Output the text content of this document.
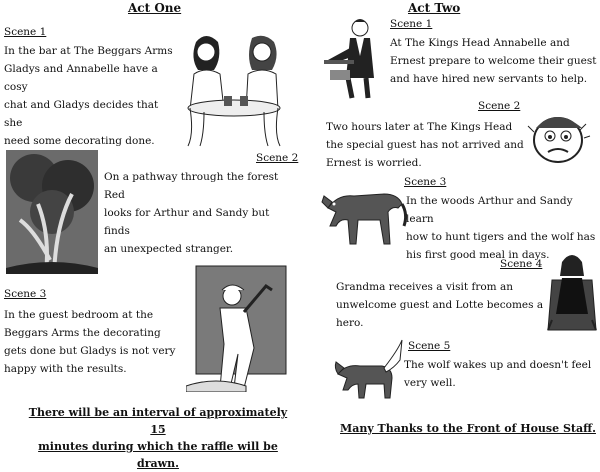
Act One
Scene 1
In the bar at The Beggars Arms
Gladys and Annabelle have a cosy
chat and Gladys decides that she
need some decorating done.
Scene 2
On a pathway through the forest Red
looks for Arthur and Sandy but finds
an unexpected stranger.
Scene 3
In the guest bedroom at the
Beggars Arms the decorating
gets done but Gladys is not very
happy with the results.
There will be an interval of approximately 15
minutes during which the raffle will be drawn.
Act Two
Scene 1
At The Kings Head Annabelle and
Ernest prepare to welcome their guest
and have hired new servants to help.
Scene 2
Two hours later at The Kings Head
the special guest has not arrived and
Ernest is worried.
Scene 3
In the woods Arthur and Sandy learn
how to hunt tigers and the wolf has
his first good meal in days.
Scene 4
Grandma receives a visit from an
unwelcome guest and Lotte becomes a
hero.
Scene 5
The wolf wakes up and doesn't feel
very well.
Many Thanks to the Front of House Staff.
